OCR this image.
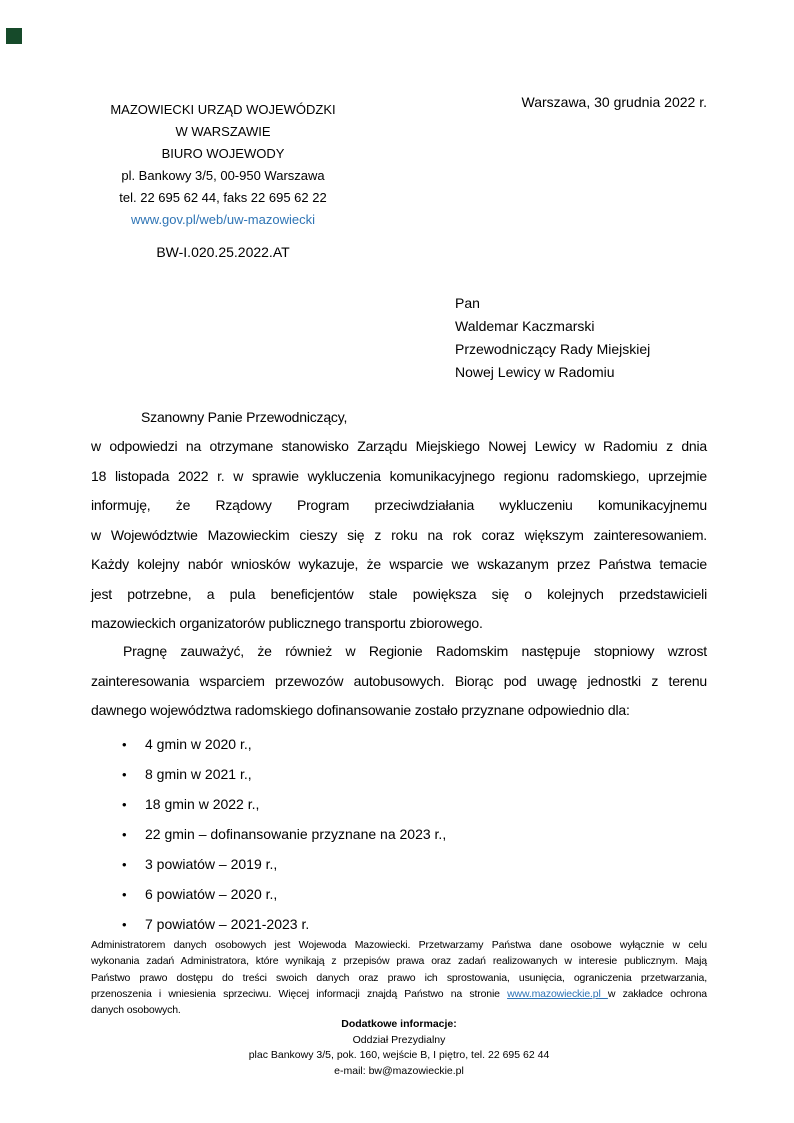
MAZOWIECKI URZĄD WOJEWÓDZKI
W WARSZAWIE
BIURO WOJEWODY
pl. Bankowy 3/5, 00-950 Warszawa
tel. 22 695 62 44, faks 22 695 62 22
www.gov.pl/web/uw-mazowiecki
BW-I.020.25.2022.AT
Warszawa, 30 grudnia 2022 r.
Pan
Waldemar Kaczmarski
Przewodniczący Rady Miejskiej
Nowej Lewicy w Radomiu
Szanowny Panie Przewodniczący,
w odpowiedzi na otrzymane stanowisko Zarządu Miejskiego Nowej Lewicy w Radomiu z dnia
18 listopada 2022 r. w sprawie wykluczenia komunikacyjnego regionu radomskiego, uprzejmie
informuję, że Rządowy Program przeciwdziałania wykluczeniu komunikacyjnemu
w Województwie Mazowieckim cieszy się z roku na rok coraz większym zainteresowaniem.
Każdy kolejny nabór wniosków wykazuje, że wsparcie we wskazanym przez Państwa temacie
jest potrzebne, a pula beneficjentów stale powiększa się o kolejnych przedstawicieli
mazowieckich organizatorów publicznego transportu zbiorowego.
Pragnę zauważyć, że również w Regionie Radomskim następuje stopniowy wzrost
zainteresowania wsparciem przewozów autobusowych. Biorąc pod uwagę jednostki z terenu
dawnego województwa radomskiego dofinansowanie zostało przyznane odpowiednio dla:
•	4 gmin w 2020 r.,
•	8 gmin w 2021 r.,
•	18 gmin w 2022 r.,
•	22 gmin – dofinansowanie przyznane na 2023 r.,
•	3 powiatów – 2019 r.,
•	6 powiatów – 2020 r.,
•	7 powiatów – 2021-2023 r.
Administratorem danych osobowych jest Wojewoda Mazowiecki. Przetwarzamy Państwa dane osobowe wyłącznie w celu
wykonania zadań Administratora, które wynikają z przepisów prawa oraz zadań realizowanych w interesie publicznym. Mają
Państwo prawo dostępu do treści swoich danych oraz prawo ich sprostowania, usunięcia, ograniczenia przetwarzania,
przenoszenia i wniesienia sprzeciwu. Więcej informacji znajdą Państwo na stronie www.mazowieckie.pl w zakładce ochrona
danych osobowych.
Dodatkowe informacje:
Oddział Prezydialny
plac Bankowy 3/5, pok. 160, wejście B, I piętro, tel. 22 695 62 44
e-mail: bw@mazowieckie.pl
